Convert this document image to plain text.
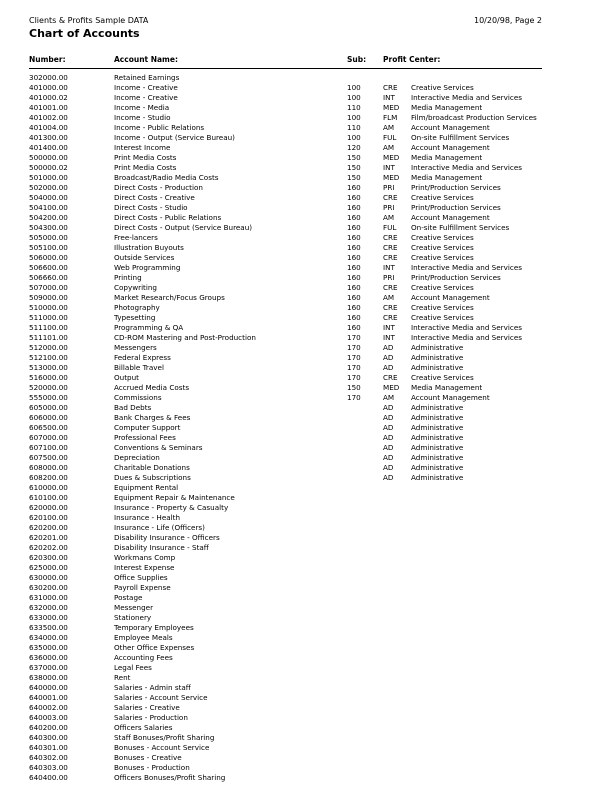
Clients & Profits Sample DATA	10/20/98, Page 2
Chart of Accounts
Number:	Account Name:	Sub: Profit Center:
302000.00	Retained Earnings
401000.00	Income - Creative	100	CRE Creative Services
401000.02	Income - Creative	100	INT Interactive Media and Services
401001.00	Income - Media	110	MED Media Management
401002.00	Income - Studio	100	FLM Film/broadcast Production Services
401004.00	Income - Public Relations	110	AM Account Management
401300.00	Income - Output (Service Bureau)	100	FUL On-site Fulfillment Services
401400.00	Interest Income	120	AM Account Management
500000.00	Print Media Costs	150	MED Media Management
500000.02	Print Media Costs	150	INT Interactive Media and Services
501000.00	Broadcast/Radio Media Costs	150	MED Media Management
502000.00	Direct Costs - Production	160	PRI Print/Production Services
504000.00	Direct Costs - Creative	160	CRE Creative Services
504100.00	Direct Costs - Studio	160	PRI Print/Production Services
504200.00	Direct Costs - Public Relations	160	AM Account Management
504300.00	Direct Costs - Output (Service Bureau)	160	FUL On-site Fulfillment Services
505000.00	Free-lancers	160	CRE Creative Services
505100.00	Illustration Buyouts	160	CRE Creative Services
506000.00	Outside Services	160	CRE Creative Services
506600.00	Web Programming	160	INT Interactive Media and Services
506660.00	Printing	160	PRI Print/Production Services
507000.00	Copywriting	160	CRE Creative Services
509000.00	Market Research/Focus Groups	160	AM Account Management
510000.00	Photography	160	CRE Creative Services
511000.00	Typesetting	160	CRE Creative Services
511100.00	Programming & QA	160	INT Interactive Media and Services
511101.00	CD-ROM Mastering and Post-Production	170	INT Interactive Media and Services
512000.00	Messengers	170	AD Administrative
512100.00	Federal Express	170	AD Administrative
513000.00	Billable Travel	170	AD Administrative
516000.00	Output	170	CRE Creative Services
520000.00	Accrued Media Costs	150	MED Media Management
555000.00	Commissions	170	AM Account Management
605000.00	Bad Debts	AD Administrative
606000.00	Bank Charges & Fees	AD Administrative
606500.00	Computer Support	AD Administrative
607000.00	Professional Fees	AD Administrative
607100.00	Conventions & Seminars	AD Administrative
607500.00	Depreciation	AD Administrative
608000.00	Charitable Donations	AD Administrative
608200.00	Dues & Subscriptions	AD Administrative
610000.00	Equipment Rental
610100.00	Equipment Repair & Maintenance
620000.00	Insurance - Property & Casualty
620100.00	Insurance - Health
620200.00	Insurance - Life (Officers)
620201.00	Disability Insurance - Officers
620202.00	Disability Insurance - Staff
620300.00	Workmans Comp
625000.00	Interest Expense
630000.00	Office Supplies
630200.00	Payroll Expense
631000.00	Postage
632000.00	Messenger
633000.00	Stationery
633500.00	Temporary Employees
634000.00	Employee Meals
635000.00	Other Office Expenses
636000.00	Accounting Fees
637000.00	Legal Fees
638000.00	Rent
640000.00	Salaries - Admin staff
640001.00	Salaries - Account Service
640002.00	Salaries - Creative
640003.00	Salaries - Production
640200.00	Officers Salaries
640300.00	Staff Bonuses/Profit Sharing
640301.00	Bonuses - Account Service
640302.00	Bonuses - Creative
640303.00	Bonuses - Production
640400.00	Officers Bonuses/Profit Sharing
